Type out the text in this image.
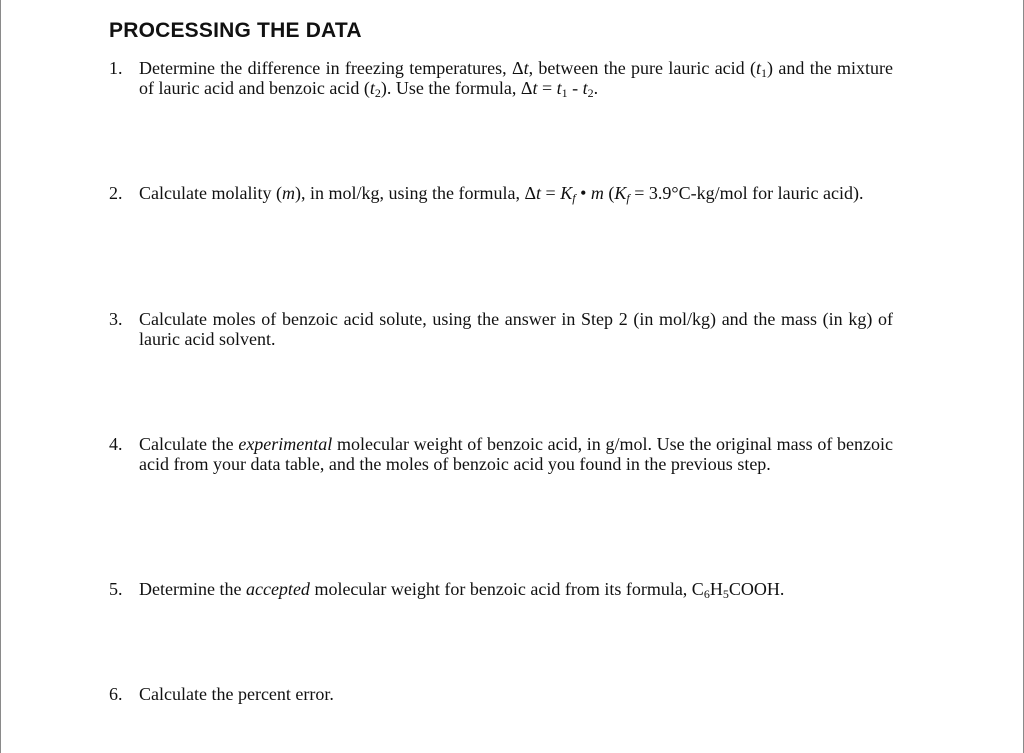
PROCESSING THE DATA
1. Determine the difference in freezing temperatures, Δt, between the pure lauric acid $(t_1)$ and the mixture of lauric acid and benzoic acid $(t_2)$. Use the formula, $\Delta t = t_1 - t_2$.
2. Calculate molality (m), in mol/kg, using the formula, $\Delta t = K_f$ • m ($K_f = 3.9^\circ C-kg/mol$ for lauric acid).
3. Calculate moles of benzoic acid solute, using the answer in Step 2 (in mol/kg) and the mass (in kg) of lauric acid solvent.
4. Calculate the experimental molecular weight of benzoic acid, in g/mol. Use the original mass of benzoic acid from your data table, and the moles of benzoic acid you found in the previous step.
5. Determine the accepted molecular weight for benzoic acid from its formula, $C_6H_5COOH$.
6. Calculate the percent error.
